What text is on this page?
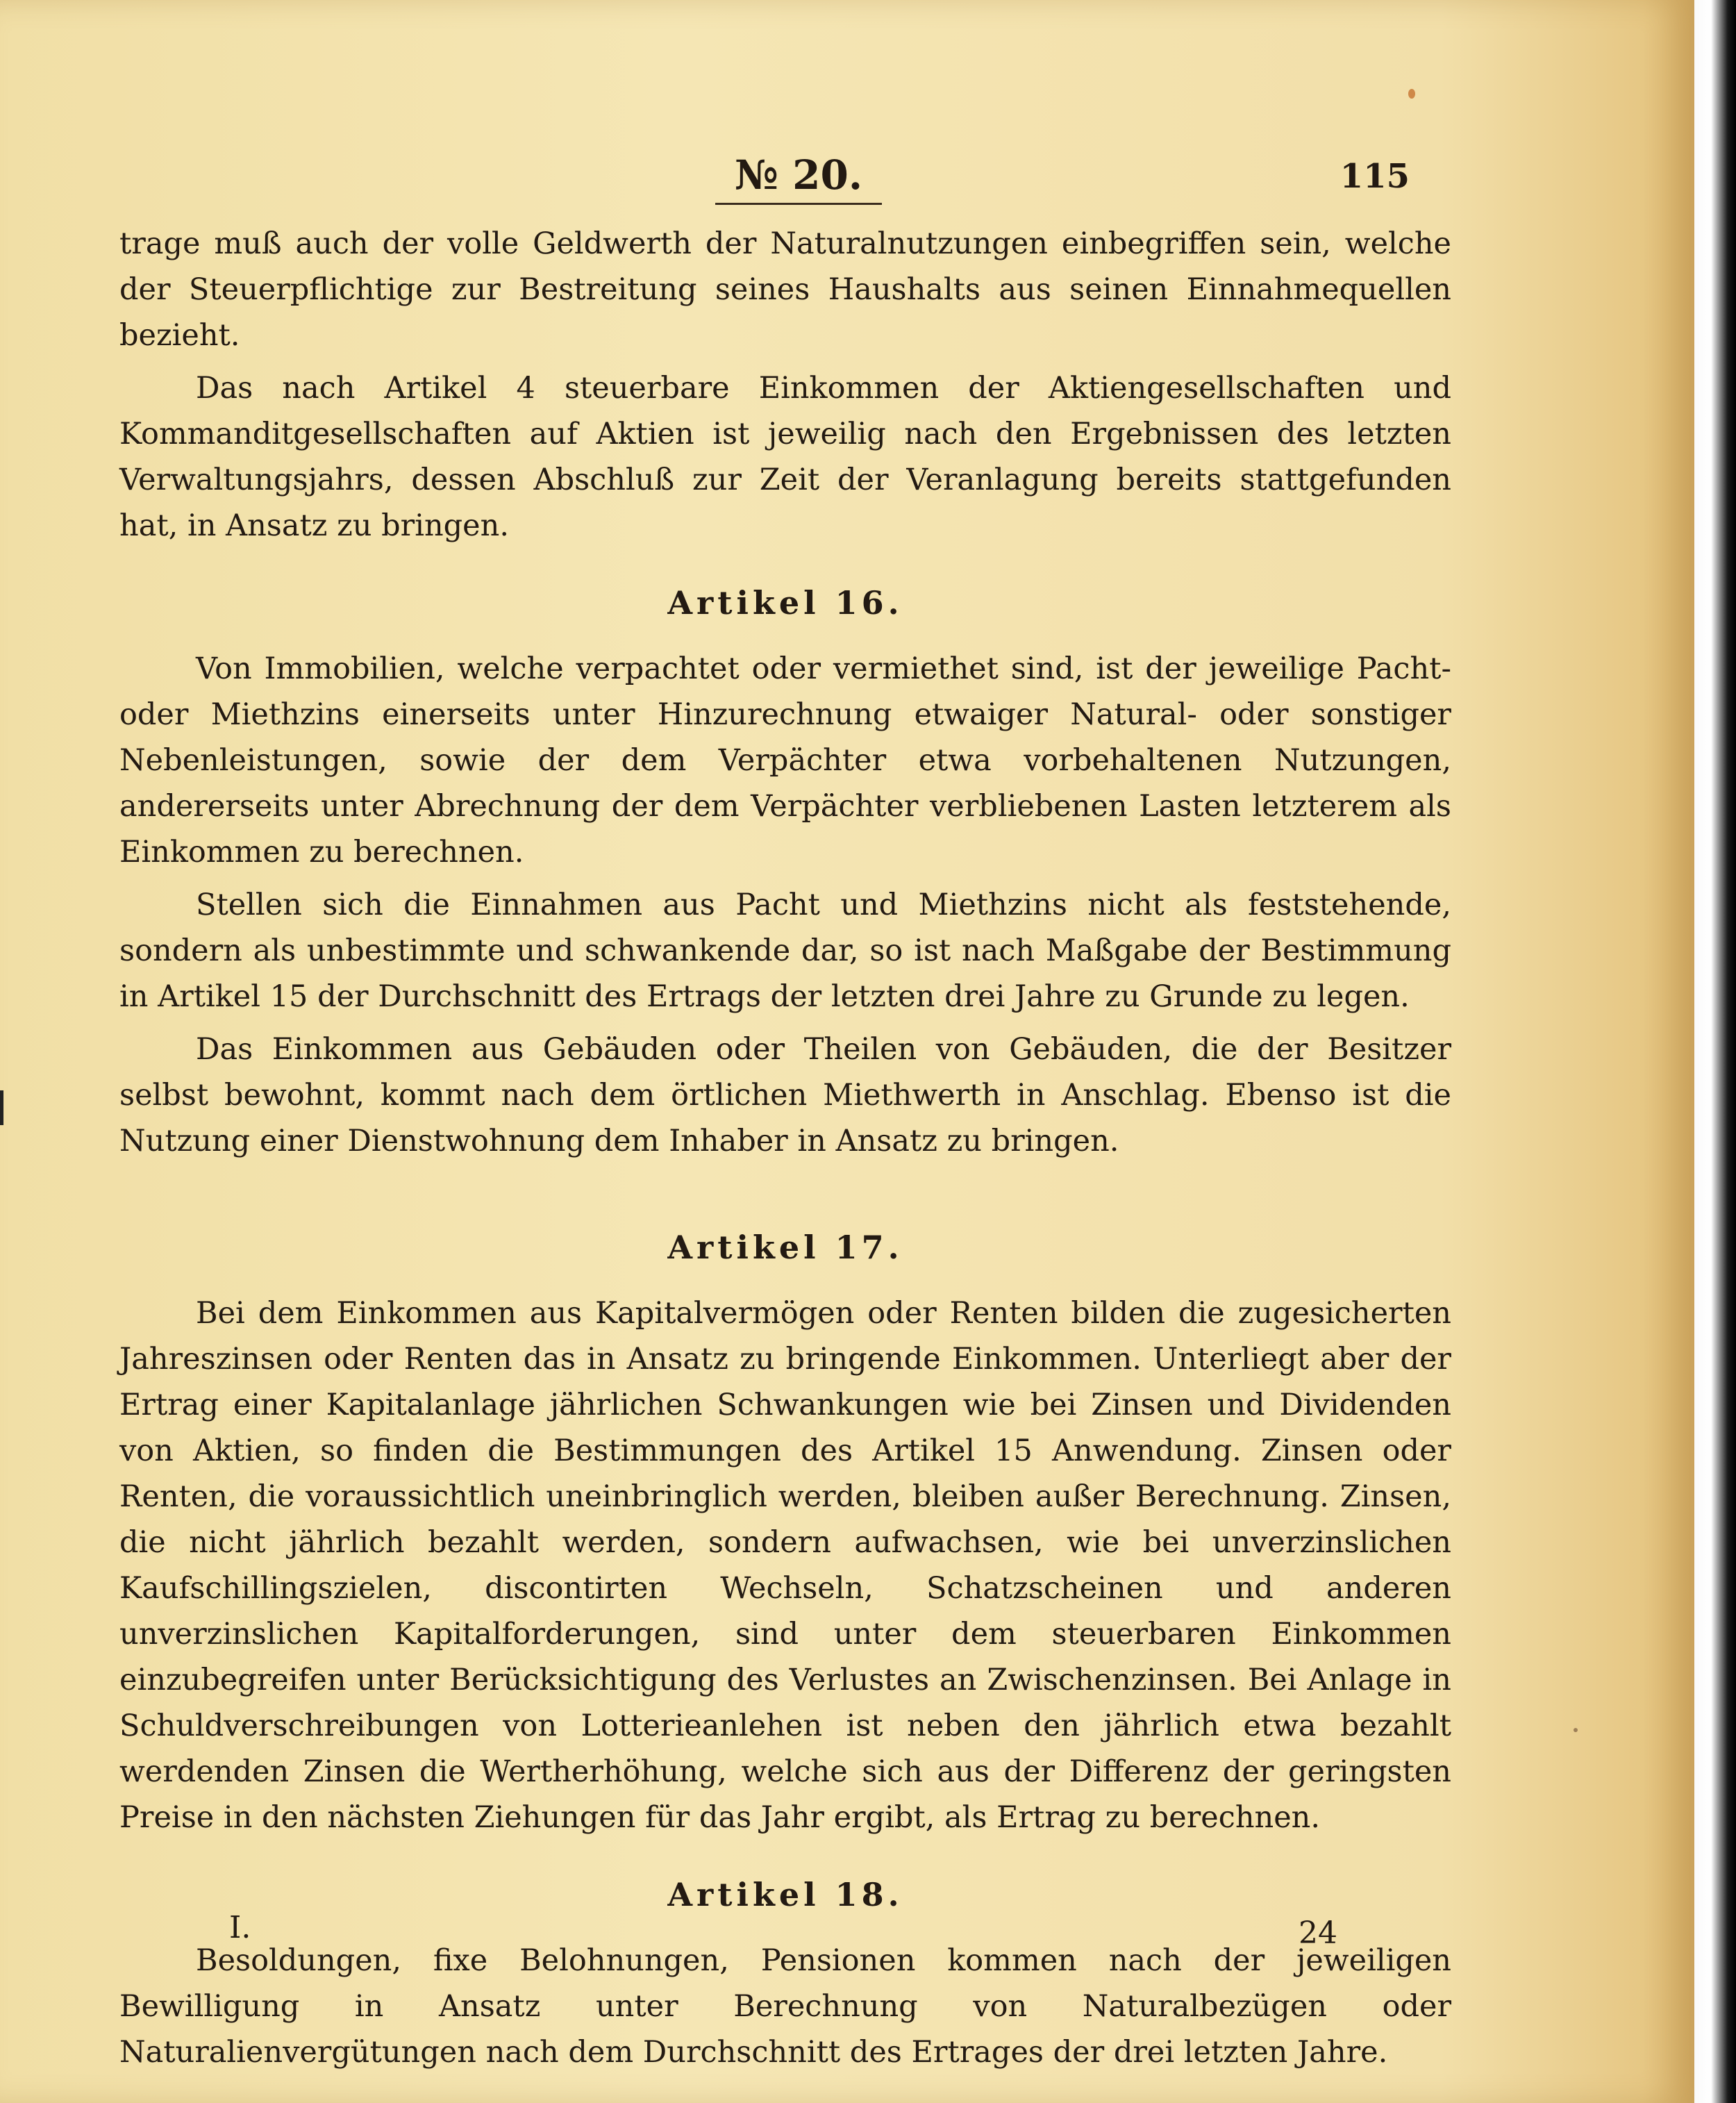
№ 20.	115

trage muß auch der volle Geldwerth der Naturalnutzungen einbegriffen sein, welche der Steuerpflichtige zur Bestreitung seines Haushalts aus seinen Einnahmequellen bezieht.

Das nach Artikel 4 steuerbare Einkommen der Aktiengesellschaften und Kommanditgesellschaften auf Aktien ist jeweilig nach den Ergebnissen des letzten Verwaltungsjahrs, dessen Abschluß zur Zeit der Veranlagung bereits stattgefunden hat, in Ansatz zu bringen.

Artikel 16.

Von Immobilien, welche verpachtet oder vermiethet sind, ist der jeweilige Pacht- oder Miethzins einerseits unter Hinzurechnung etwaiger Natural- oder sonstiger Nebenleistungen, sowie der dem Verpächter etwa vorbehaltenen Nutzungen, andererseits unter Abrechnung der dem Verpächter verbliebenen Lasten letzterem als Einkommen zu berechnen.

Stellen sich die Einnahmen aus Pacht und Miethzins nicht als feststehende, sondern als unbestimmte und schwankende dar, so ist nach Maßgabe der Bestimmung in Artikel 15 der Durchschnitt des Ertrags der letzten drei Jahre zu Grunde zu legen.

Das Einkommen aus Gebäuden oder Theilen von Gebäuden, die der Besitzer selbst bewohnt, kommt nach dem örtlichen Miethwerth in Anschlag. Ebenso ist die Nutzung einer Dienstwohnung dem Inhaber in Ansatz zu bringen.

Artikel 17.

Bei dem Einkommen aus Kapitalvermögen oder Renten bilden die zugesicherten Jahreszinsen oder Renten das in Ansatz zu bringende Einkommen. Unterliegt aber der Ertrag einer Kapitalanlage jährlichen Schwankungen wie bei Zinsen und Dividenden von Aktien, so finden die Bestimmungen des Artikel 15 Anwendung. Zinsen oder Renten, die voraussichtlich uneinbringlich werden, bleiben außer Berechnung. Zinsen, die nicht jährlich bezahlt werden, sondern aufwachsen, wie bei unverzinslichen Kaufschillingszielen, discontirten Wechseln, Schatzscheinen und anderen unverzinslichen Kapitalforderungen, sind unter dem steuerbaren Einkommen einzubegreifen unter Berücksichtigung des Verlustes an Zwischenzinsen. Bei Anlage in Schuldverschreibungen von Lotterieanlehen ist neben den jährlich etwa bezahlt werdenden Zinsen die Wertherhöhung, welche sich aus der Differenz der geringsten Preise in den nächsten Ziehungen für das Jahr ergibt, als Ertrag zu berechnen.

Artikel 18.

Besoldungen, fixe Belohnungen, Pensionen kommen nach der jeweiligen Bewilligung in Ansatz unter Berechnung von Naturalbezügen oder Naturalienvergütungen nach dem Durchschnitt des Ertrages der drei letzten Jahre.

I.	24
